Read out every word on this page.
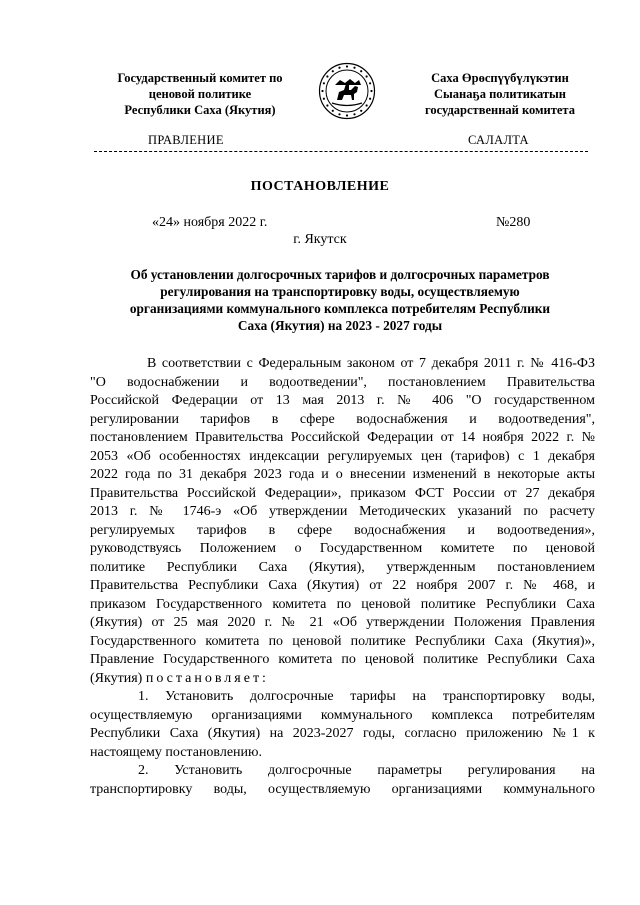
Государственный комитет по
ценовой политике
Республики Саха (Якутия)
Саха Өрөспүүбүлүкэтин
Сыанаҕа политикатын
государственнай комитета
ПРАВЛЕНИЕ	САЛАЛТА
ПОСТАНОВЛЕНИЕ
«24» ноября 2022 г.	№280
г. Якутск
Об установлении долгосрочных тарифов и долгосрочных параметров
регулирования на транспортировку воды, осуществляемую
организациями коммунального комплекса потребителям Республики
Саха (Якутия) на 2023 - 2027 годы
В соответствии с Федеральным законом от 7 декабря 2011 г. № 416-ФЗ
"О водоснабжении и водоотведении", постановлением Правительства
Российской Федерации от 13 мая 2013 г. № 406 "О государственном
регулировании тарифов в сфере водоснабжения и водоотведения",
постановлением Правительства Российской Федерации от 14 ноября 2022 г. №
2053 «Об особенностях индексации регулируемых цен (тарифов) с 1 декабря
2022 года по 31 декабря 2023 года и о внесении изменений в некоторые акты
Правительства Российской Федерации», приказом ФСТ России от 27 декабря
2013 г. № 1746-э «Об утверждении Методических указаний по расчету
регулируемых тарифов в сфере водоснабжения и водоотведения»,
руководствуясь Положением о Государственном комитете по ценовой
политике Республики Саха (Якутия), утвержденным постановлением
Правительства Республики Саха (Якутия) от 22 ноября 2007 г. № 468, и
приказом Государственного комитета по ценовой политике Республики Саха
(Якутия) от 25 мая 2020 г. № 21 «Об утверждении Положения Правления
Государственного комитета по ценовой политике Республики Саха (Якутия)»,
Правление Государственного комитета по ценовой политике Республики Саха
(Якутия) постановляет:
1. Установить долгосрочные тарифы на транспортировку воды,
осуществляемую организациями коммунального комплекса потребителям
Республики Саха (Якутия) на 2023-2027 годы, согласно приложению №1 к
настоящему постановлению.
2. Установить долгосрочные параметры регулирования на
транспортировку воды, осуществляемую организациями коммунального
